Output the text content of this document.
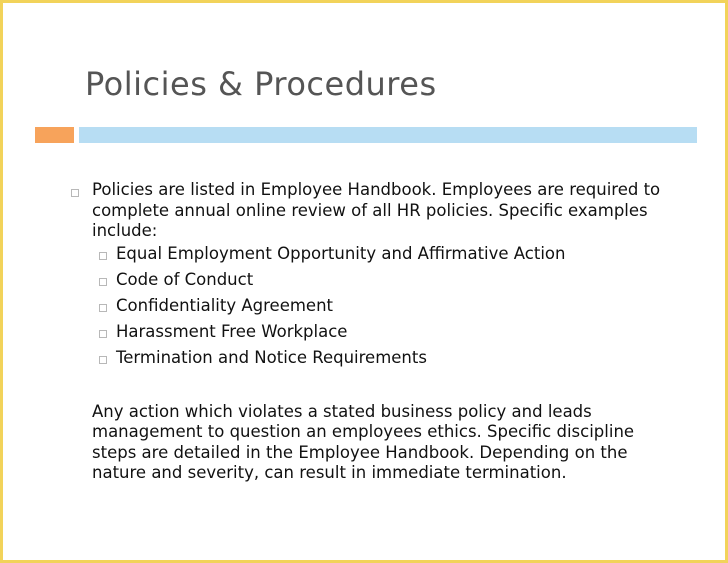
Policies & Procedures
Policies are listed in Employee Handbook. Employees are required to complete annual online review of all HR policies. Specific examples include:
Equal Employment Opportunity and Affirmative Action
Code of Conduct
Confidentiality Agreement
Harassment Free Workplace
Termination and Notice Requirements
Any action which violates a stated business policy and leads management to question an employees ethics. Specific discipline steps are detailed in the Employee Handbook. Depending on the nature and severity, can result in immediate termination.
